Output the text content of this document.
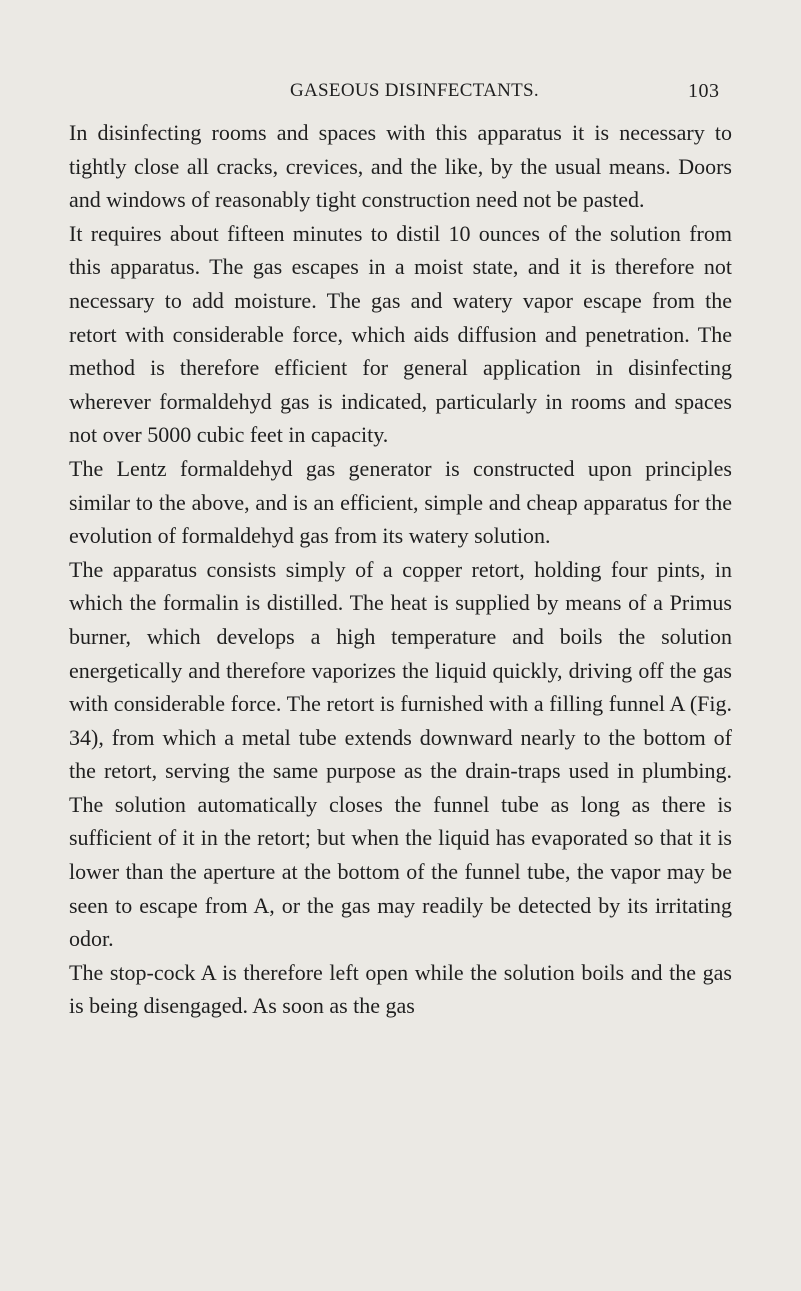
GASEOUS DISINFECTANTS.	103

In disinfecting rooms and spaces with this apparatus it is necessary to tightly close all cracks, crevices, and the like, by the usual means. Doors and windows of reasonably tight construction need not be pasted.

It requires about fifteen minutes to distil 10 ounces of the solution from this apparatus. The gas escapes in a moist state, and it is therefore not necessary to add moisture. The gas and watery vapor escape from the retort with considerable force, which aids diffusion and penetration. The method is therefore efficient for general application in disinfecting wherever formaldehyd gas is indicated, particularly in rooms and spaces not over 5000 cubic feet in capacity.

The Lentz formaldehyd gas generator is constructed upon principles similar to the above, and is an efficient, simple and cheap apparatus for the evolution of formaldehyd gas from its watery solution.

The apparatus consists simply of a copper retort, holding four pints, in which the formalin is distilled. The heat is supplied by means of a Primus burner, which develops a high temperature and boils the solution energetically and therefore vaporizes the liquid quickly, driving off the gas with considerable force. The retort is furnished with a filling funnel A (Fig. 34), from which a metal tube extends downward nearly to the bottom of the retort, serving the same purpose as the drain-traps used in plumbing. The solution automatically closes the funnel tube as long as there is sufficient of it in the retort; but when the liquid has evaporated so that it is lower than the aperture at the bottom of the funnel tube, the vapor may be seen to escape from A, or the gas may readily be detected by its irritating odor.

The stop-cock A is therefore left open while the solution boils and the gas is being disengaged. As soon as the gas
